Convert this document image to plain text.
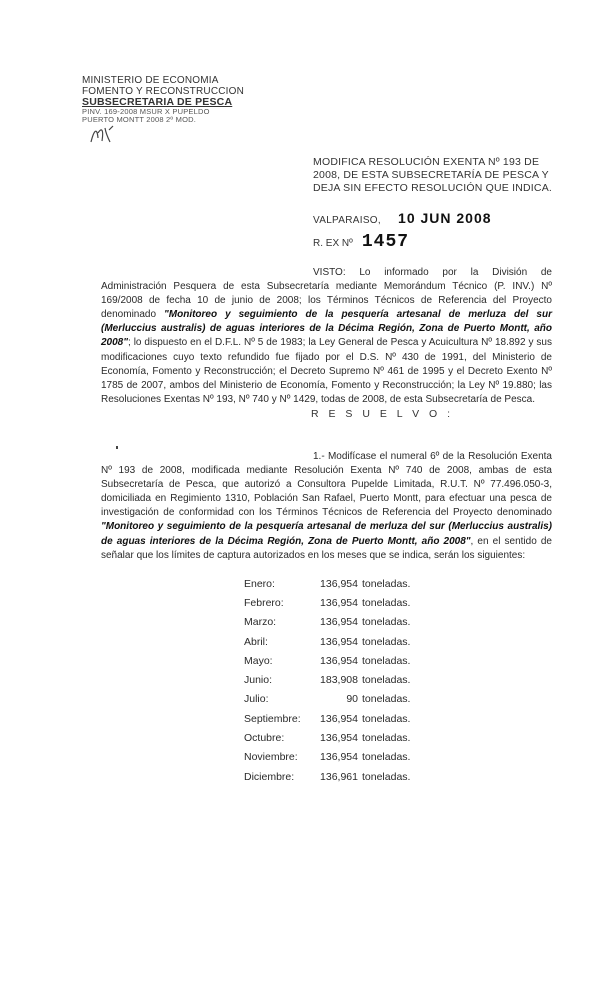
MINISTERIO DE ECONOMIA
FOMENTO Y RECONSTRUCCION
SUBSECRETARIA DE PESCA
PINV. 169-2008 MSUR X PUPELDO
PUERTO MONTT 2008 2º MOD.
MODIFICA RESOLUCIÓN EXENTA Nº 193 DE 2008, DE ESTA SUBSECRETARÍA DE PESCA Y DEJA SIN EFECTO RESOLUCIÓN QUE INDICA.
VALPARAISO, 10 JUN 2008
R. EX Nº 1457
VISTO: Lo informado por la División de Administración Pesquera de esta Subsecretaría mediante Memorándum Técnico (P. INV.) Nº 169/2008 de fecha 10 de junio de 2008; los Términos Técnicos de Referencia del Proyecto denominado "Monitoreo y seguimiento de la pesquería artesanal de merluza del sur (Merluccius australis) de aguas interiores de la Décima Región, Zona de Puerto Montt, año 2008"; lo dispuesto en el D.F.L. Nº 5 de 1983; la Ley General de Pesca y Acuicultura Nº 18.892 y sus modificaciones cuyo texto refundido fue fijado por el D.S. Nº 430 de 1991, del Ministerio de Economía, Fomento y Reconstrucción; el Decreto Supremo Nº 461 de 1995 y el Decreto Exento Nº 1785 de 2007, ambos del Ministerio de Economía, Fomento y Reconstrucción; la Ley Nº 19.880; las Resoluciones Exentas Nº 193, Nº 740 y Nº 1429, todas de 2008, de esta Subsecretaría de Pesca.
R E S U E L V O :
1.- Modifícase el numeral 6º de la Resolución Exenta Nº 193 de 2008, modificada mediante Resolución Exenta Nº 740 de 2008, ambas de esta Subsecretaría de Pesca, que autorizó a Consultora Pupelde Limitada, R.U.T. Nº 77.496.050-3, domiciliada en Regimiento 1310, Población San Rafael, Puerto Montt, para efectuar una pesca de investigación de conformidad con los Términos Técnicos de Referencia del Proyecto denominado "Monitoreo y seguimiento de la pesquería artesanal de merluza del sur (Merluccius australis) de aguas interiores de la Décima Región, Zona de Puerto Montt, año 2008", en el sentido de señalar que los límites de captura autorizados en los meses que se indica, serán los siguientes:
Enero:	136,954	toneladas.
Febrero:	136,954	toneladas.
Marzo:	136,954	toneladas.
Abril:	136,954	toneladas.
Mayo:	136,954	toneladas.
Junio:	183,908	toneladas.
Julio:	90	toneladas.
Septiembre:	136,954	toneladas.
Octubre:	136,954	toneladas.
Noviembre:	136,954	toneladas.
Diciembre:	136,961	toneladas.
